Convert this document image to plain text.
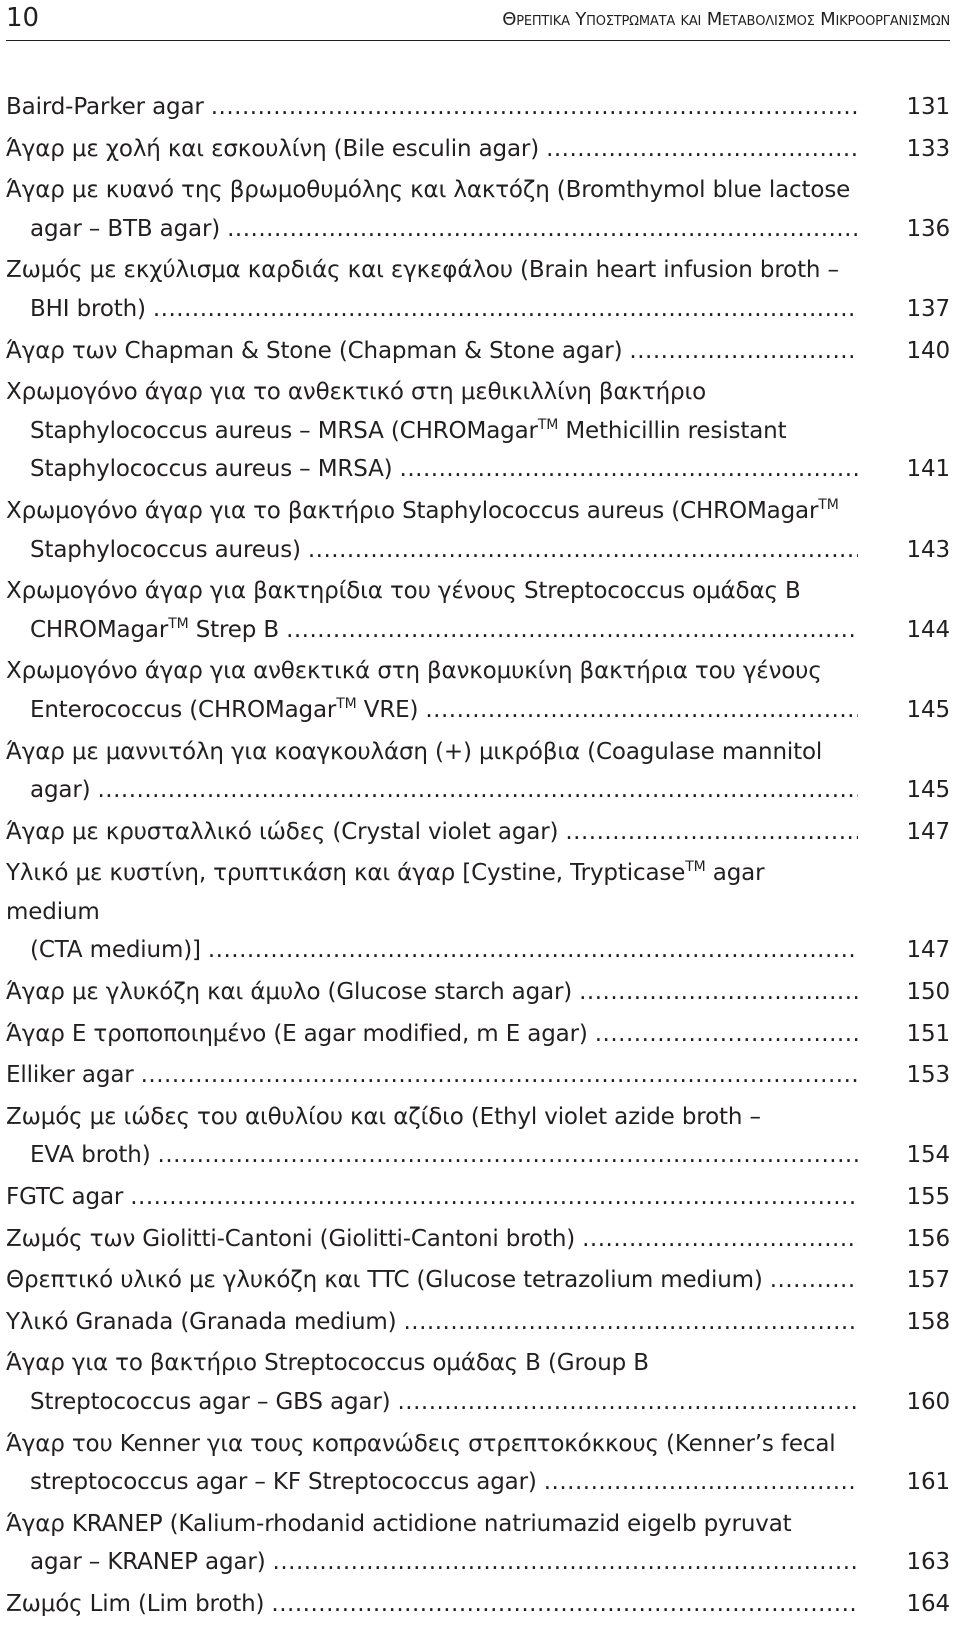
10	Θρεπτικα Υποστρωματα και Μεταβολισμος Μικροοργανισμων
Baird-Parker agar .....	131
Άγαρ με χολή και εσκουλίνη (Bile esculin agar) .....	133
Άγαρ με κυανό της βρωμοθυμόλης και λακτόζη (Bromthymol blue lactose
agar – BTB agar) .....	136
Ζωμός με εκχύλισμα καρδιάς και εγκεφάλου (Brain heart infusion broth –
BHI broth) .....	137
Άγαρ των Chapman & Stone (Chapman & Stone agar) .....	140
Χρωμογόνο άγαρ για το ανθεκτικό στη μεθικιλλίνη βακτήριο
Staphylococcus aureus – MRSA (CHROMagar™ Methicillin resistant
Staphylococcus aureus – MRSA) .....	141
Χρωμογόνο άγαρ για το βακτήριο Staphylococcus aureus (CHROMagar™
Staphylococcus aureus) .....	143
Χρωμογόνο άγαρ για βακτηρίδια του γένους Streptococcus ομάδας B
CHROMagar™ Strep B .....	144
Χρωμογόνο άγαρ για ανθεκτικά στη βανκομυκίνη βακτήρια του γένους
Enterococcus (CHROMagar™ VRE) .....	145
Άγαρ με μαννιτόλη για κοαγκουλάση (+) μικρόβια (Coagulase mannitol
agar) .....	145
Άγαρ με κρυσταλλικό ιώδες (Crystal violet agar) .....	147
Υλικό με κυστίνη, τρυπτικάση και άγαρ [Cystine, Trypticase™ agar medium
(CTA medium)] .....	147
Άγαρ με γλυκόζη και άμυλο (Glucose starch agar) .....	150
Άγαρ E τροποποιημένο (E agar modified, m E agar) .....	151
Elliker agar .....	153
Ζωμός με ιώδες του αιθυλίου και αζίδιο (Ethyl violet azide broth –
EVA broth) .....	154
FGTC agar .....	155
Ζωμός των Giolitti-Cantoni (Giolitti-Cantoni broth) .....	156
Θρεπτικό υλικό με γλυκόζη και TTC (Glucose tetrazolium medium) .....	157
Υλικό Granada (Granada medium) .....	158
Άγαρ για το βακτήριο Streptococcus ομάδας B (Group B
Streptococcus agar – GBS agar) .....	160
Άγαρ του Kenner για τους κοπρανώδεις στρεπτοκόκκους (Kenner’s fecal
streptococcus agar – KF Streptococcus agar) .....	161
Άγαρ KRANEP (Kalium-rhodanid actidione natriumazid eigelb pyruvat
agar – KRANEP agar) .....	163
Ζωμός Lim (Lim broth) .....	164
